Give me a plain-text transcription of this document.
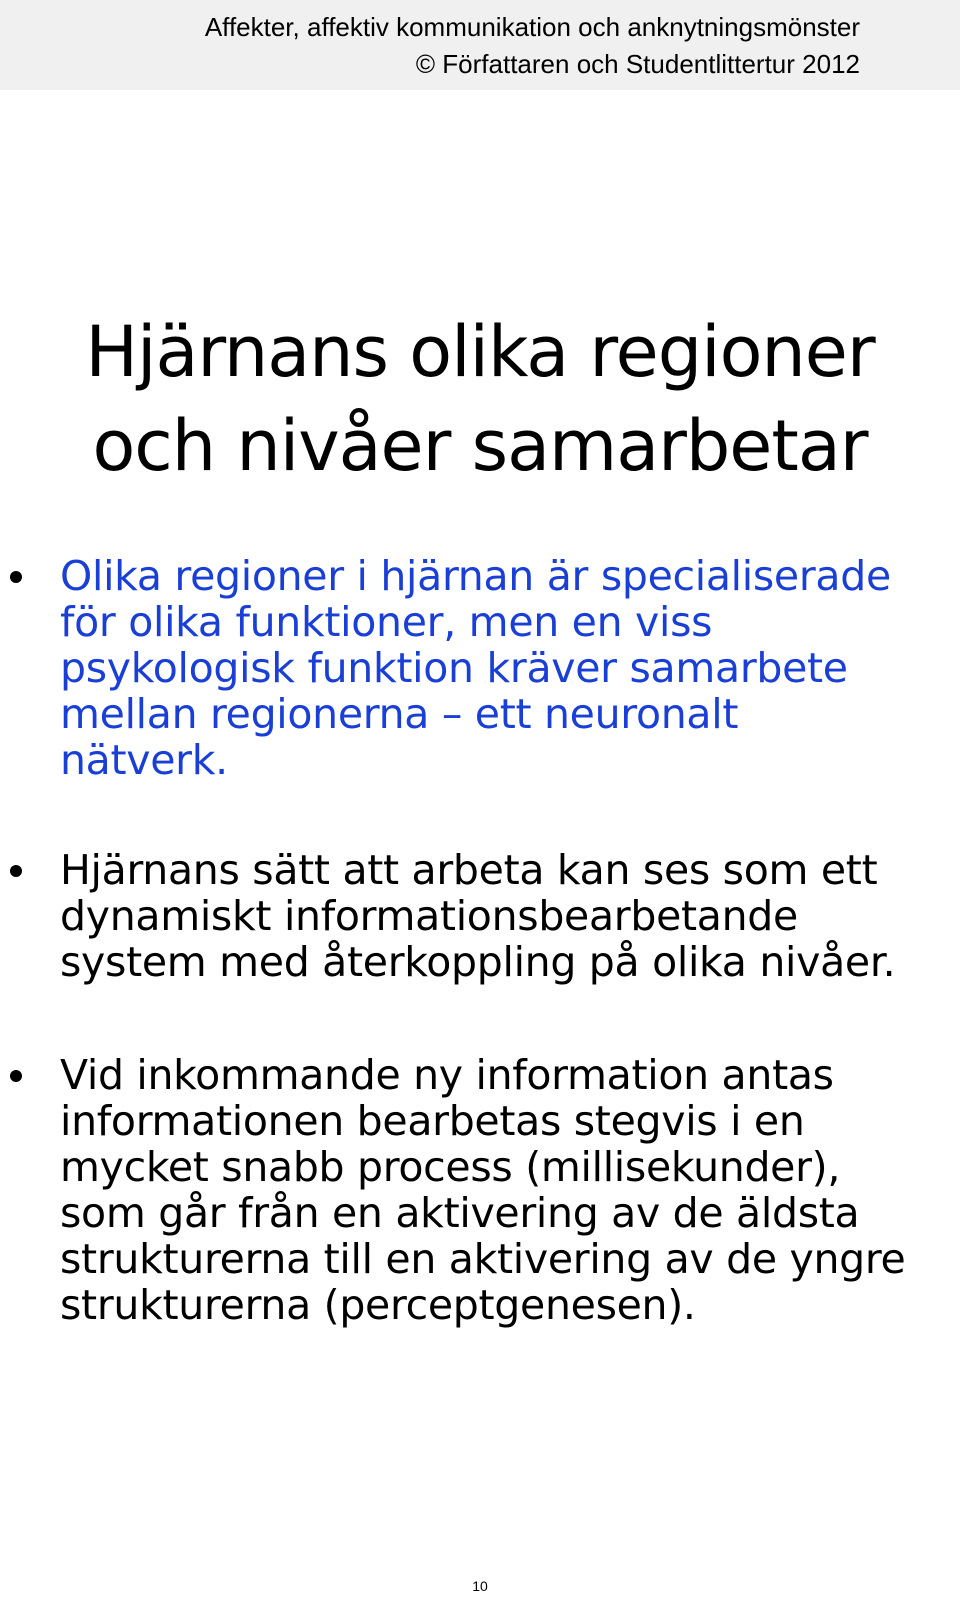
Affekter, affektiv kommunikation och anknytningsmönster
© Författaren och Studentlittertur 2012
Hjärnans olika regioner
och nivåer samarbetar
Olika regioner i hjärnan är specialiserade
för olika funktioner, men en viss
psykologisk funktion kräver samarbete
mellan regionerna – ett neuronalt
nätverk.
Hjärnans sätt att arbeta kan ses som ett
dynamiskt informationsbearbetande
system med återkoppling på olika nivåer.
Vid inkommande ny information antas
informationen bearbetas stegvis i en
mycket snabb process (millisekunder),
som går från en aktivering av de äldsta
strukturerna till en aktivering av de yngre
strukturerna (perceptgenesen).
10
